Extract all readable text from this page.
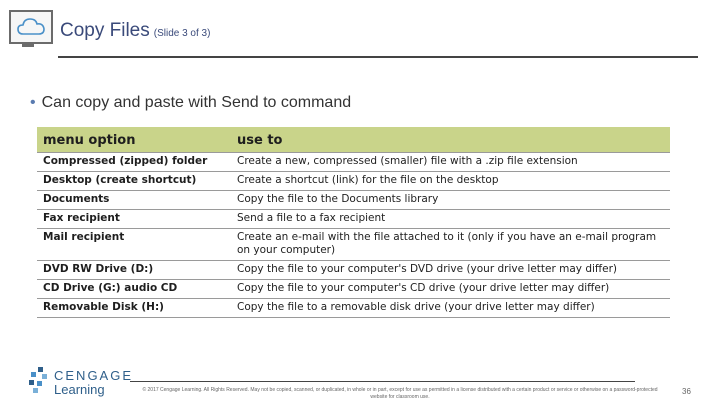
Copy Files (Slide 3 of 3)
• Can copy and paste with Send to command
menu option	use to
Compressed (zipped) folder	Create a new, compressed (smaller) file with a .zip file extension
Desktop (create shortcut)	Create a shortcut (link) for the file on the desktop
Documents	Copy the file to the Documents library
Fax recipient	Send a file to a fax recipient
Mail recipient	Create an e-mail with the file attached to it (only if you have an e-mail program on your computer)
DVD RW Drive (D:)	Copy the file to your computer's DVD drive (your drive letter may differ)
CD Drive (G:) audio CD	Copy the file to your computer's CD drive (your drive letter may differ)
Removable Disk (H:)	Copy the file to a removable disk drive (your drive letter may differ)
CENGAGE
Learning	© 2017 Cengage Learning. All Rights Reserved. May not be copied, scanned, or duplicated, in whole or in part, except for use as permitted in a license distributed with a certain product or service or otherwise on a password-protected website for classroom use.
36
